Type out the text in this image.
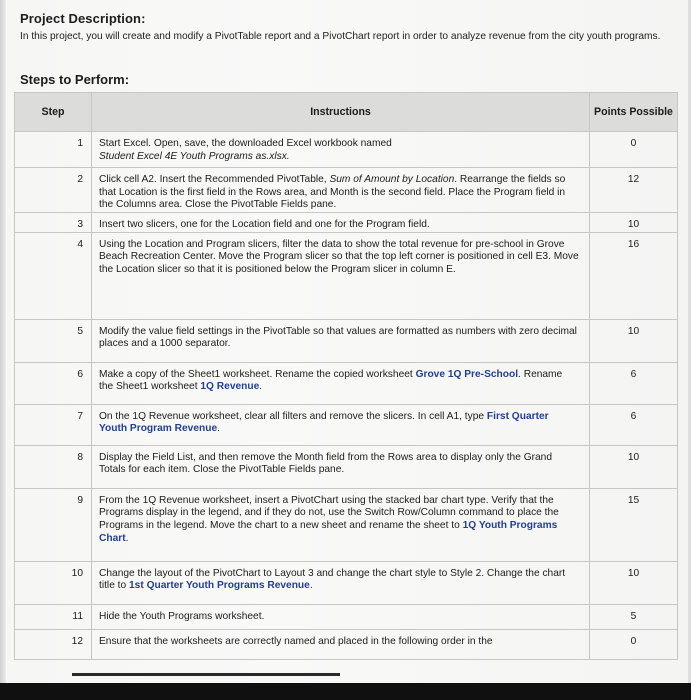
Project Description:
In this project, you will create and modify a PivotTable report and a PivotChart report in order to analyze revenue from the city youth programs.
Steps to Perform:
Step	Instructions	Points Possible
1	Start Excel. Open, save, the downloaded Excel workbook named
Student Excel 4E Youth Programs as.xlsx.	0
2	Click cell A2. Insert the Recommended PivotTable, Sum of Amount by Location. Rearrange the fields so that Location is the first field in the Rows area, and Month is the second field. Place the Program field in the Columns area. Close the PivotTable Fields pane.	12
3	Insert two slicers, one for the Location field and one for the Program field.	10
4	Using the Location and Program slicers, filter the data to show the total revenue for pre-school in Grove Beach Recreation Center. Move the Program slicer so that the top left corner is positioned in cell E3. Move the Location slicer so that it is positioned below the Program slicer in column E.	16
5	Modify the value field settings in the PivotTable so that values are formatted as numbers with zero decimal places and a 1000 separator.	10
6	Make a copy of the Sheet1 worksheet. Rename the copied worksheet Grove 1Q Pre-School. Rename the Sheet1 worksheet 1Q Revenue.	6
7	On the 1Q Revenue worksheet, clear all filters and remove the slicers. In cell A1, type First Quarter Youth Program Revenue.	6
8	Display the Field List, and then remove the Month field from the Rows area to display only the Grand Totals for each item. Close the PivotTable Fields pane.	10
9	From the 1Q Revenue worksheet, insert a PivotChart using the stacked bar chart type. Verify that the Programs display in the legend, and if they do not, use the Switch Row/Column command to place the Programs in the legend. Move the chart to a new sheet and rename the sheet to 1Q Youth Programs Chart.	15
10	Change the layout of the PivotChart to Layout 3 and change the chart style to Style 2. Change the chart title to 1st Quarter Youth Programs Revenue.	10
11	Hide the Youth Programs worksheet.	5
12	Ensure that the worksheets are correctly named and placed in the following order in the	0
